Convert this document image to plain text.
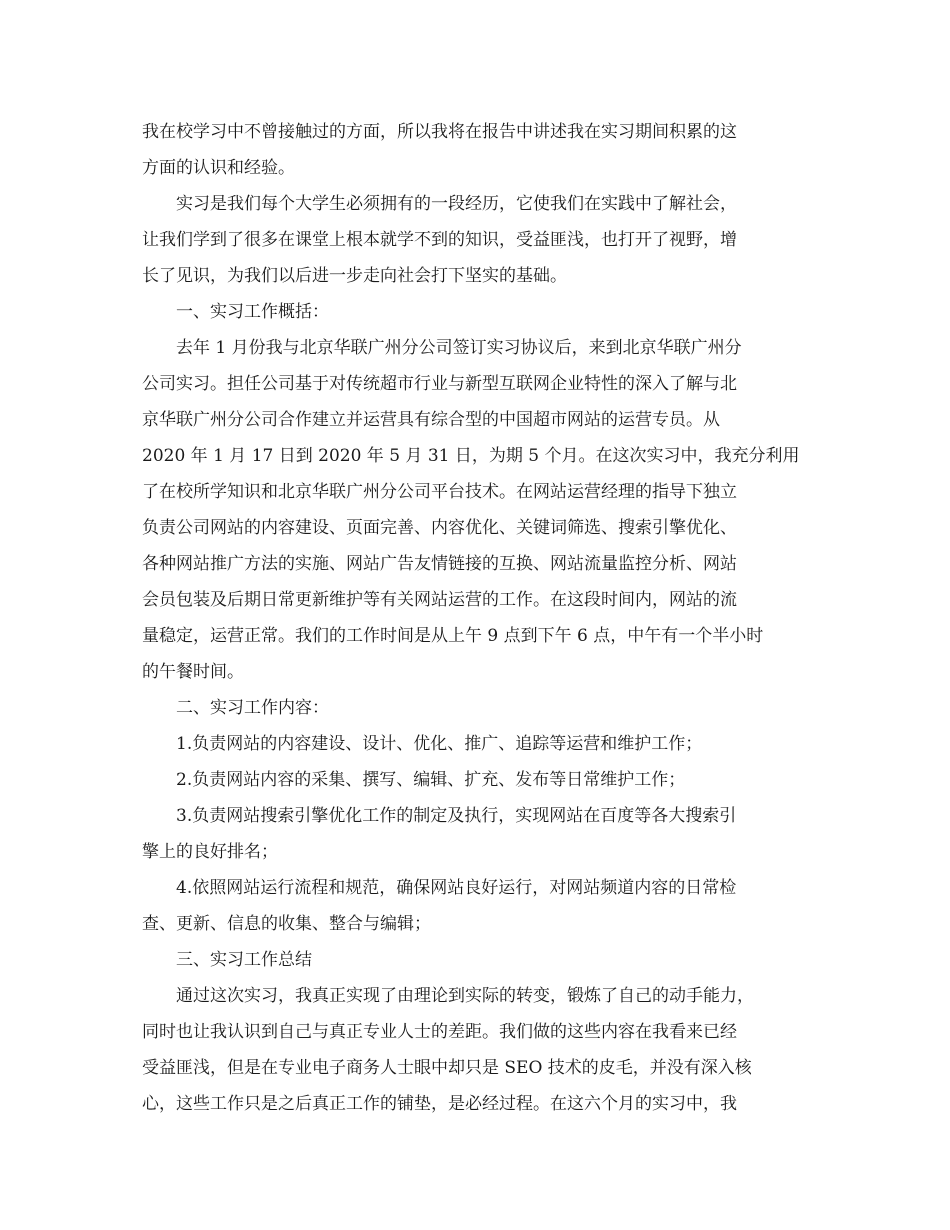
我在校学习中不曾接触过的方面，所以我将在报告中讲述我在实习期间积累的这
方面的认识和经验。
实习是我们每个大学生必须拥有的一段经历，它使我们在实践中了解社会，
让我们学到了很多在课堂上根本就学不到的知识，受益匪浅，也打开了视野，增
长了见识，为我们以后进一步走向社会打下坚实的基础。
一、实习工作概括：
去年 1 月份我与北京华联广州分公司签订实习协议后，来到北京华联广州分
公司实习。担任公司基于对传统超市行业与新型互联网企业特性的深入了解与北
京华联广州分公司合作建立并运营具有综合型的中国超市网站的运营专员。从
2020 年 1 月 17 日到 2020 年 5 月 31 日，为期 5 个月。在这次实习中，我充分利用
了在校所学知识和北京华联广州分公司平台技术。在网站运营经理的指导下独立
负责公司网站的内容建设、页面完善、内容优化、关键词筛选、搜索引擎优化、
各种网站推广方法的实施、网站广告友情链接的互换、网站流量监控分析、网站
会员包装及后期日常更新维护等有关网站运营的工作。在这段时间内，网站的流
量稳定，运营正常。我们的工作时间是从上午 9 点到下午 6 点，中午有一个半小时
的午餐时间。
二、实习工作内容：
1.负责网站的内容建设、设计、优化、推广、追踪等运营和维护工作；
2.负责网站内容的采集、撰写、编辑、扩充、发布等日常维护工作；
3.负责网站搜索引擎优化工作的制定及执行，实现网站在百度等各大搜索引
擎上的良好排名；
4.依照网站运行流程和规范，确保网站良好运行，对网站频道内容的日常检
查、更新、信息的收集、整合与编辑；
三、实习工作总结
通过这次实习，我真正实现了由理论到实际的转变，锻炼了自己的动手能力，
同时也让我认识到自己与真正专业人士的差距。我们做的这些内容在我看来已经
受益匪浅，但是在专业电子商务人士眼中却只是 SEO 技术的皮毛，并没有深入核
心，这些工作只是之后真正工作的铺垫，是必经过程。在这六个月的实习中，我
